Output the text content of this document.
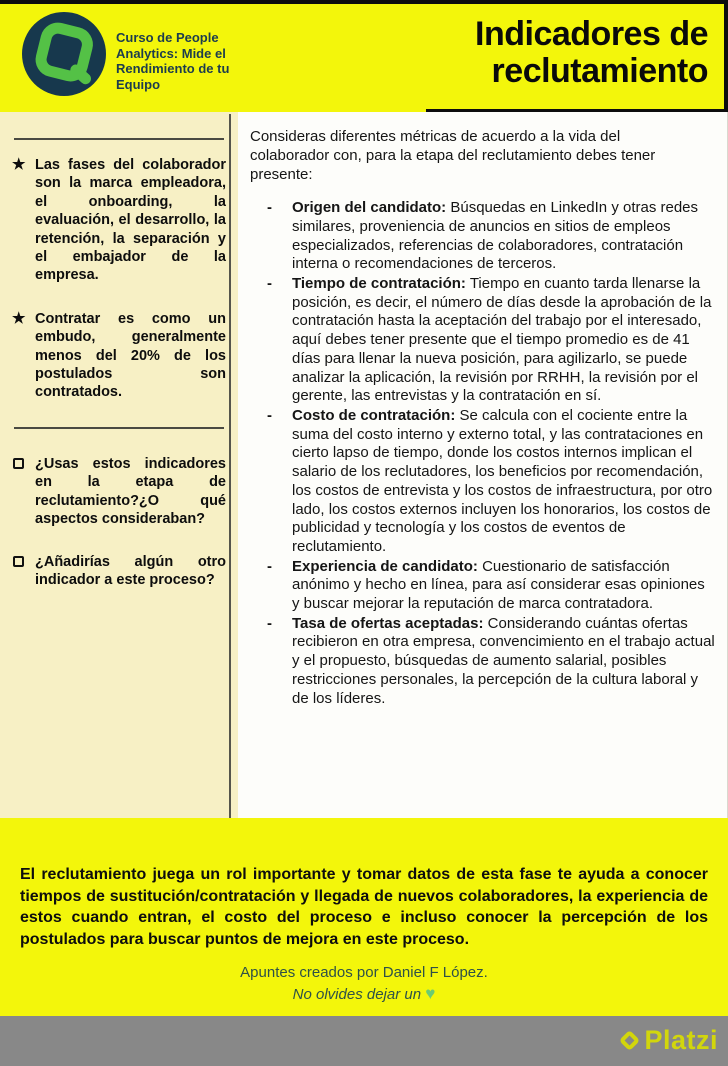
Curso de People Analytics: Mide el Rendimiento de tu Equipo
Indicadores de reclutamiento
★ Las fases del colaborador son la marca empleadora, el onboarding, la evaluación, el desarrollo, la retención, la separación y el embajador de la empresa.
★ Contratar es como un embudo, generalmente menos del 20% de los postulados son contratados.
¿Usas estos indicadores en la etapa de reclutamiento?¿O qué aspectos consideraban?
¿Añadirías algún otro indicador a este proceso?

Consideras diferentes métricas de acuerdo a la vida del colaborador con, para la etapa del reclutamiento debes tener presente:

- Origen del candidato: Búsquedas en LinkedIn y otras redes similares, proveniencia de anuncios en sitios de empleos especializados, referencias de colaboradores, contratación interna o recomendaciones de terceros.
- Tiempo de contratación: Tiempo en cuanto tarda llenarse la posición, es decir, el número de días desde la aprobación de la contratación hasta la aceptación del trabajo por el interesado, aquí debes tener presente que el tiempo promedio es de 41 días para llenar la nueva posición, para agilizarlo, se puede analizar la aplicación, la revisión por RRHH, la revisión por el gerente, las entrevistas y la contratación en sí.
- Costo de contratación: Se calcula con el cociente entre la suma del costo interno y externo total, y las contrataciones en cierto lapso de tiempo, donde los costos internos implican el salario de los reclutadores, los beneficios por recomendación, los costos de entrevista y los costos de infraestructura, por otro lado, los costos externos incluyen los honorarios, los costos de publicidad y tecnología y los costos de eventos de reclutamiento.
- Experiencia de candidato: Cuestionario de satisfacción anónimo y hecho en línea, para así considerar esas opiniones y buscar mejorar la reputación de marca contratadora.
- Tasa de ofertas aceptadas: Considerando cuántas ofertas recibieron en otra empresa, convencimiento en el trabajo actual y el propuesto, búsquedas de aumento salarial, posibles restricciones personales, la percepción de la cultura laboral y de los líderes.

El reclutamiento juega un rol importante y tomar datos de esta fase te ayuda a conocer tiempos de sustitución/contratación y llegada de nuevos colaboradores, la experiencia de estos cuando entran, el costo del proceso e incluso conocer la percepción de los postulados para buscar puntos de mejora en este proceso.

Apuntes creados por Daniel F López.

No olvides dejar un ♥

Platzi
